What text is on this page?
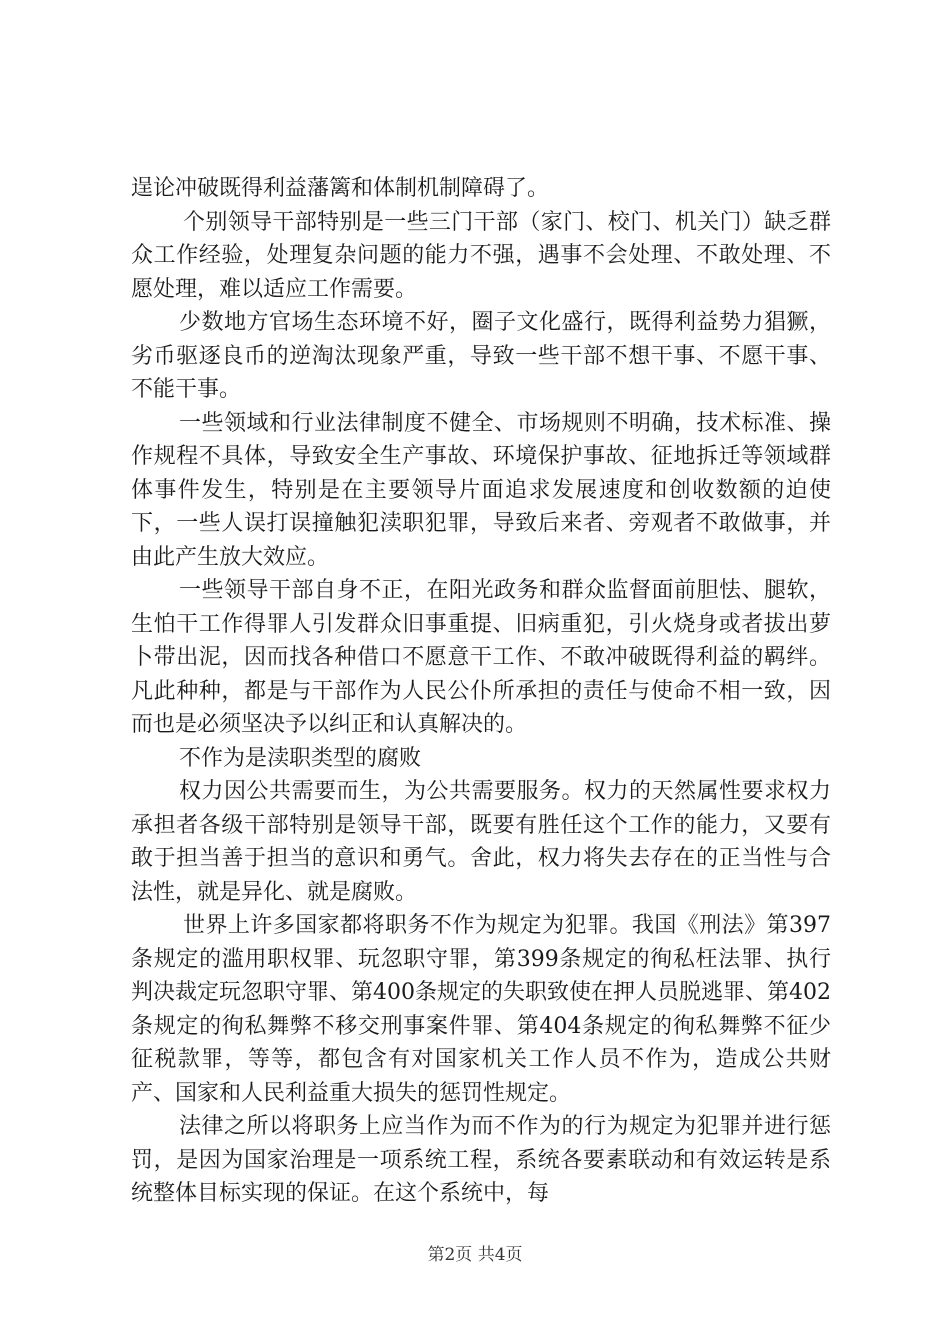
逞论冲破既得利益藩篱和体制机制障碍了。

个别领导干部特别是一些三门干部（家门、校门、机关门）缺乏群众工作经验，处理复杂问题的能力不强，遇事不会处理、不敢处理、不愿处理，难以适应工作需要。

少数地方官场生态环境不好，圈子文化盛行，既得利益势力猖獗，劣币驱逐良币的逆淘汰现象严重，导致一些干部不想干事、不愿干事、不能干事。

一些领域和行业法律制度不健全、市场规则不明确，技术标准、操作规程不具体，导致安全生产事故、环境保护事故、征地拆迁等领域群体事件发生，特别是在主要领导片面追求发展速度和创收数额的迫使下，一些人误打误撞触犯渎职犯罪，导致后来者、旁观者不敢做事，并由此产生放大效应。

一些领导干部自身不正，在阳光政务和群众监督面前胆怯、腿软，生怕干工作得罪人引发群众旧事重提、旧病重犯，引火烧身或者拔出萝卜带出泥，因而找各种借口不愿意干工作、不敢冲破既得利益的羁绊。凡此种种，都是与干部作为人民公仆所承担的责任与使命不相一致，因而也是必须坚决予以纠正和认真解决的。

不作为是渎职类型的腐败

权力因公共需要而生，为公共需要服务。权力的天然属性要求权力承担者各级干部特别是领导干部，既要有胜任这个工作的能力，又要有敢于担当善于担当的意识和勇气。舍此，权力将失去存在的正当性与合法性，就是异化、就是腐败。

世界上许多国家都将职务不作为规定为犯罪。我国《刑法》第397条规定的滥用职权罪、玩忽职守罪，第399条规定的徇私枉法罪、执行判决裁定玩忽职守罪、第400条规定的失职致使在押人员脱逃罪、第402条规定的徇私舞弊不移交刑事案件罪、第404条规定的徇私舞弊不征少征税款罪，等等，都包含有对国家机关工作人员不作为，造成公共财产、国家和人民利益重大损失的惩罚性规定。

法律之所以将职务上应当作为而不作为的行为规定为犯罪并进行惩罚，是因为国家治理是一项系统工程，系统各要素联动和有效运转是系统整体目标实现的保证。在这个系统中，每

第2页 共4页
